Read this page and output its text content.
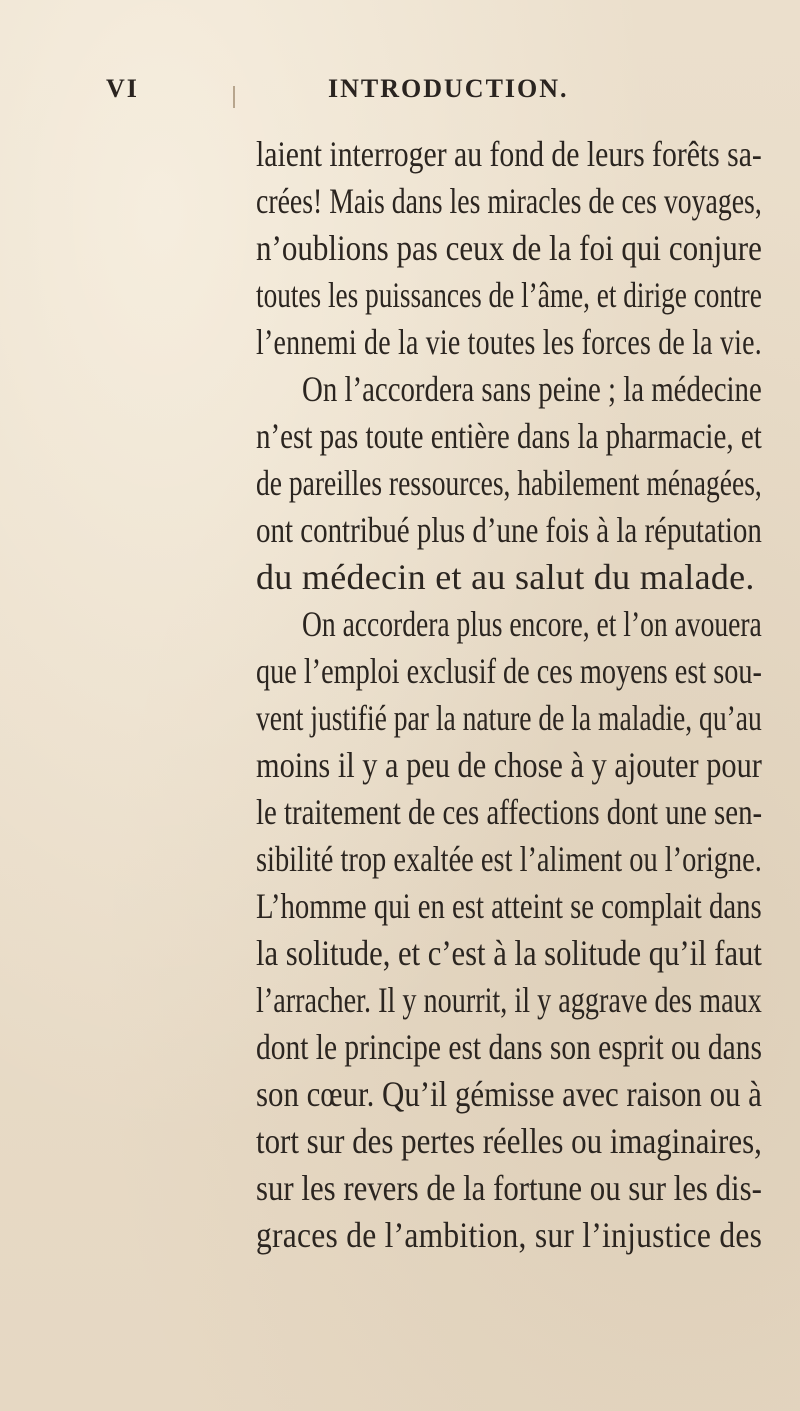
VI	INTRODUCTION.
laient interroger au fond de leurs forêts sa-
crées! Mais dans les miracles de ces voyages,
n’oublions pas ceux de la foi qui conjure
toutes les puissances de l’âme, et dirige contre
l’ennemi de la vie toutes les forces de la vie.
On l’accordera sans peine ; la médecine
n’est pas toute entière dans la pharmacie, et
de pareilles ressources, habilement ménagées,
ont contribué plus d’une fois à la réputation
du médecin et au salut du malade.
On accordera plus encore, et l’on avouera
que l’emploi exclusif de ces moyens est sou-
vent justifié par la nature de la maladie, qu’au
moins il y a peu de chose à y ajouter pour
le traitement de ces affections dont une sen-
sibilité trop exaltée est l’aliment ou l’origne.
L’homme qui en est atteint se complait dans
la solitude, et c’est à la solitude qu’il faut
l’arracher. Il y nourrit, il y aggrave des maux
dont le principe est dans son esprit ou dans
son cœur. Qu’il gémisse avec raison ou à
tort sur des pertes réelles ou imaginaires,
sur les revers de la fortune ou sur les dis-
graces de l’ambition, sur l’injustice des
